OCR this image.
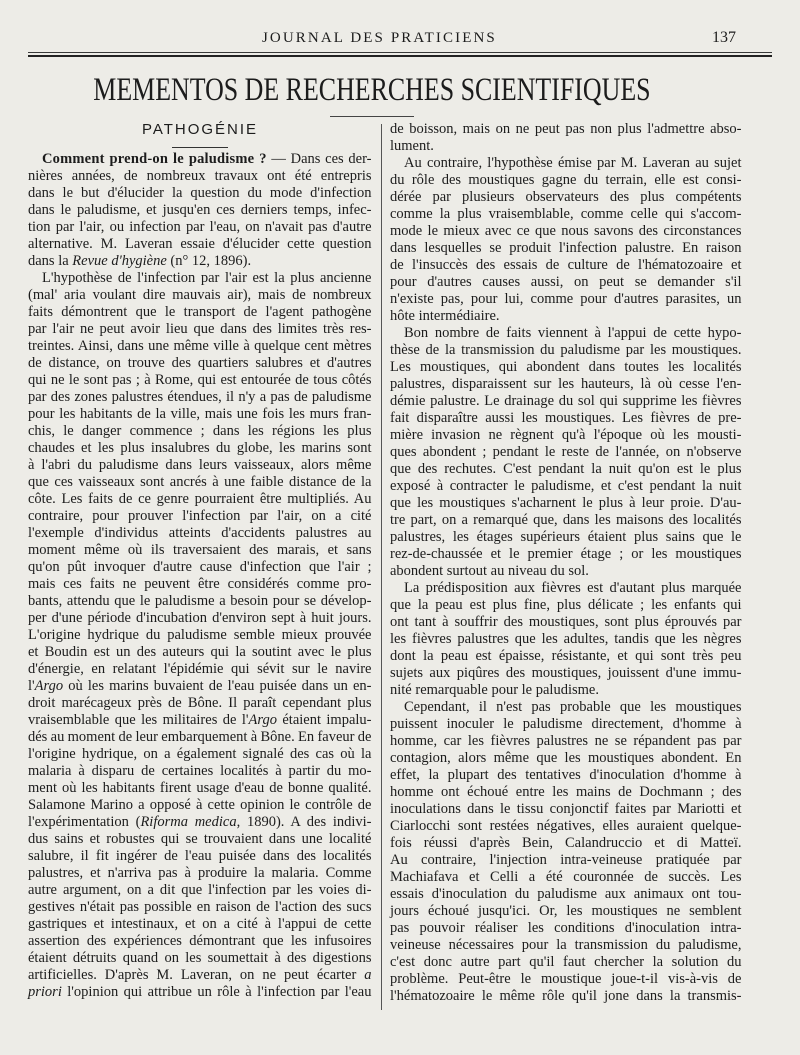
JOURNAL DES PRATICIENS	137
MEMENTOS DE RECHERCHES SCIENTIFIQUES
PATHOGÉNIE
Comment prend-on le paludisme ? — Dans ces der-
nières années, de nombreux travaux ont été entrepris
dans le but d'élucider la question du mode d'infection
dans le paludisme, et jusqu'en ces derniers temps, infec-
tion par l'air, ou infection par l'eau, on n'avait pas d'autre
alternative. M. Laveran essaie d'élucider cette question
dans la Revue d'hygiène (n° 12, 1896).
L'hypothèse de l'infection par l'air est la plus ancienne
(mal' aria voulant dire mauvais air), mais de nombreux
faits démontrent que le transport de l'agent pathogène
par l'air ne peut avoir lieu que dans des limites très res-
treintes. Ainsi, dans une même ville à quelque cent mètres
de distance, on trouve des quartiers salubres et d'autres
qui ne le sont pas ; à Rome, qui est entourée de tous côtés
par des zones palustres étendues, il n'y a pas de paludisme
pour les habitants de la ville, mais une fois les murs fran-
chis, le danger commence ; dans les régions les plus
chaudes et les plus insalubres du globe, les marins sont
à l'abri du paludisme dans leurs vaisseaux, alors même
que ces vaisseaux sont ancrés à une faible distance de la
côte. Les faits de ce genre pourraient être multipliés. Au
contraire, pour prouver l'infection par l'air, on a cité
l'exemple d'individus atteints d'accidents palustres au
moment même où ils traversaient des marais, et sans
qu'on pût invoquer d'autre cause d'infection que l'air ;
mais ces faits ne peuvent être considérés comme pro-
bants, attendu que le paludisme a besoin pour se dévelop-
per d'une période d'incubation d'environ sept à huit jours.
L'origine hydrique du paludisme semble mieux prouvée
et Boudin est un des auteurs qui la soutint avec le plus
d'énergie, en relatant l'épidémie qui sévit sur le navire
l'Argo où les marins buvaient de l'eau puisée dans un en-
droit marécageux près de Bône. Il paraît cependant plus
vraisemblable que les militaires de l'Argo étaient impalu-
dés au moment de leur embarquement à Bône. En faveur de
l'origine hydrique, on a également signalé des cas où la
malaria à disparu de certaines localités à partir du mo-
ment où les habitants firent usage d'eau de bonne qualité.
Salamone Marino a opposé à cette opinion le contrôle de
l'expérimentation (Riforma medica, 1890). A des indivi-
dus sains et robustes qui se trouvaient dans une localité
salubre, il fit ingérer de l'eau puisée dans des localités
palustres, et n'arriva pas à produire la malaria. Comme
autre argument, on a dit que l'infection par les voies di-
gestives n'était pas possible en raison de l'action des sucs
gastriques et intestinaux, et on a cité à l'appui de cette
assertion des expériences démontrant que les infusoires
étaient détruits quand on les soumettait à des digestions
artificielles. D'après M. Laveran, on ne peut écarter a
priori l'opinion qui attribue un rôle à l'infection par l'eau
de boisson, mais on ne peut pas non plus l'admettre abso-
lument.
Au contraire, l'hypothèse émise par M. Laveran au sujet
du rôle des moustiques gagne du terrain, elle est consi-
dérée par plusieurs observateurs des plus compétents
comme la plus vraisemblable, comme celle qui s'accom-
mode le mieux avec ce que nous savons des circonstances
dans lesquelles se produit l'infection palustre. En raison
de l'insuccès des essais de culture de l'hématozoaire et
pour d'autres causes aussi, on peut se demander s'il
n'existe pas, pour lui, comme pour d'autres parasites, un
hôte intermédiaire.
Bon nombre de faits viennent à l'appui de cette hypo-
thèse de la transmission du paludisme par les moustiques.
Les moustiques, qui abondent dans toutes les localités
palustres, disparaissent sur les hauteurs, là où cesse l'en-
démie palustre. Le drainage du sol qui supprime les fièvres
fait disparaître aussi les moustiques. Les fièvres de pre-
mière invasion ne règnent qu'à l'époque où les mousti-
ques abondent ; pendant le reste de l'année, on n'observe
que des rechutes. C'est pendant la nuit qu'on est le plus
exposé à contracter le paludisme, et c'est pendant la nuit
que les moustiques s'acharnent le plus à leur proie. D'au-
tre part, on a remarqué que, dans les maisons des localités
palustres, les étages supérieurs étaient plus sains que le
rez-de-chaussée et le premier étage ; or les moustiques
abondent surtout au niveau du sol.
La prédisposition aux fièvres est d'autant plus marquée
que la peau est plus fine, plus délicate ; les enfants qui
ont tant à souffrir des moustiques, sont plus éprouvés par
les fièvres palustres que les adultes, tandis que les nègres
dont la peau est épaisse, résistante, et qui sont très peu
sujets aux piqûres des moustiques, jouissent d'une immu-
nité remarquable pour le paludisme.
Cependant, il n'est pas probable que les moustiques
puissent inoculer le paludisme directement, d'homme à
homme, car les fièvres palustres ne se répandent pas par
contagion, alors même que les moustiques abondent. En
effet, la plupart des tentatives d'inoculation d'homme à
homme ont échoué entre les mains de Dochmann ; des
inoculations dans le tissu conjonctif faites par Mariotti et
Ciarlocchi sont restées négatives, elles auraient quelque-
fois réussi d'après Bein, Calandruccio et di Matteï.
Au contraire, l'injection intra-veineuse pratiquée par
Machiafava et Celli a été couronnée de succès. Les
essais d'inoculation du paludisme aux animaux ont tou-
jours échoué jusqu'ici. Or, les moustiques ne semblent
pas pouvoir réaliser les conditions d'inoculation intra-
veineuse nécessaires pour la transmission du paludisme,
c'est donc autre part qu'il faut chercher la solution du
problème. Peut-être le moustique joue-t-il vis-à-vis de
l'hématozoaire le même rôle qu'il jone dans la transmis-
